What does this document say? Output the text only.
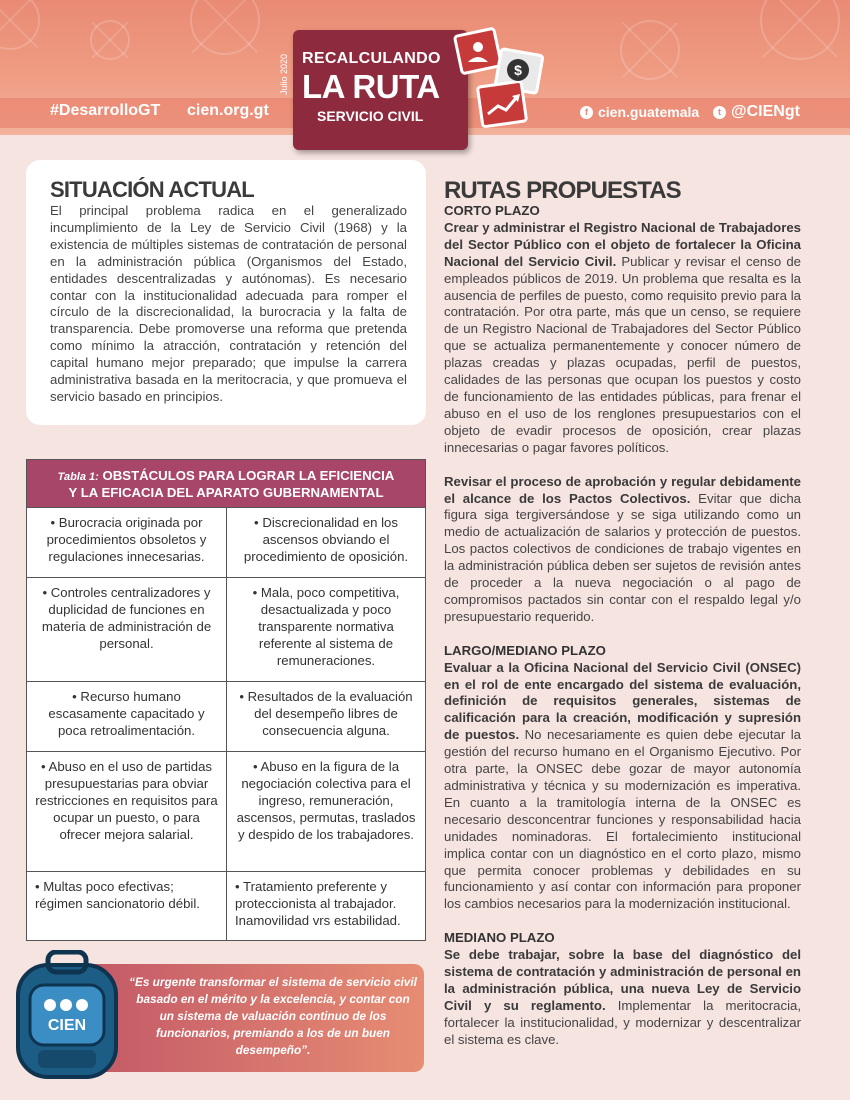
#DesarrolloGT cien.org.gt	f cien.guatemala	t @CIENgt
Julio 2020 RECALCULANDO
LA RUTA
SERVICIO CIVIL
$
SITUACIÓN ACTUAL
El principal problema radica en el generalizado incumplimiento de la Ley de Servicio Civil (1968) y la existencia de múltiples sistemas de contratación de personal en la administración pública (Organismos del Estado, entidades descentralizadas y autónomas). Es necesario contar con la institucionalidad adecuada para romper el círculo de la discrecionalidad, la burocracia y la falta de transparencia. Debe promoverse una reforma que pretenda como mínimo la atracción, contratación y retención del capital humano mejor preparado; que impulse la carrera administrativa basada en la meritocracia, y que promueva el servicio basado en principios.
Tabla 1: OBSTÁCULOS PARA LOGRAR LA EFICIENCIA
Y LA EFICACIA DEL APARATO GUBERNAMENTAL
• Burocracia originada por procedimientos obsoletos y regulaciones innecesarias.
• Discrecionalidad en los ascensos obviando el procedimiento de oposición.
• Controles centralizadores y duplicidad de funciones en materia de administración de personal.
• Mala, poco competitiva, desactualizada y poco transparente normativa referente al sistema de remuneraciones.
• Recurso humano escasamente capacitado y poca retroalimentación.
• Resultados de la evaluación del desempeño libres de consecuencia alguna.
• Abuso en el uso de partidas presupuestarias para obviar restricciones en requisitos para ocupar un puesto, o para ofrecer mejora salarial.
• Abuso en la figura de la negociación colectiva para el ingreso, remuneración, ascensos, permutas, traslados y despido de los trabajadores.
• Multas poco efectivas; régimen sancionatorio débil.
• Tratamiento preferente y proteccionista al trabajador. Inamovilidad vrs estabilidad.
“Es urgente transformar el sistema de servicio civil basado en el mérito y la excelencia, y contar con un sistema de valuación continuo de los funcionarios, premiando a los de un buen desempeño”.
CIEN
RUTAS PROPUESTAS
CORTO PLAZO
Crear y administrar el Registro Nacional de Trabajadores del Sector Público con el objeto de fortalecer la Oficina Nacional del Servicio Civil. Publicar y revisar el censo de empleados públicos de 2019. Un problema que resalta es la ausencia de perfiles de puesto, como requisito previo para la contratación. Por otra parte, más que un censo, se requiere de un Registro Nacional de Trabajadores del Sector Público que se actualiza permanentemente y conocer número de plazas creadas y plazas ocupadas, perfil de puestos, calidades de las personas que ocupan los puestos y costo de funcionamiento de las entidades públicas, para frenar el abuso en el uso de los renglones presupuestarios con el objeto de evadir procesos de oposición, crear plazas innecesarias o pagar favores políticos.
Revisar el proceso de aprobación y regular debidamente el alcance de los Pactos Colectivos. Evitar que dicha figura siga tergiversándose y se siga utilizando como un medio de actualización de salarios y protección de puestos. Los pactos colectivos de condiciones de trabajo vigentes en la administración pública deben ser sujetos de revisión antes de proceder a la nueva negociación o al pago de compromisos pactados sin contar con el respaldo legal y/o presupuestario requerido.
LARGO/MEDIANO PLAZO
Evaluar a la Oficina Nacional del Servicio Civil (ONSEC) en el rol de ente encargado del sistema de evaluación, definición de requisitos generales, sistemas de calificación para la creación, modificación y supresión de puestos. No necesariamente es quien debe ejecutar la gestión del recurso humano en el Organismo Ejecutivo. Por otra parte, la ONSEC debe gozar de mayor autonomía administrativa y técnica y su modernización es imperativa. En cuanto a la tramitología interna de la ONSEC es necesario desconcentrar funciones y responsabilidad hacia unidades nominadoras. El fortalecimiento institucional implica contar con un diagnóstico en el corto plazo, mismo que permita conocer problemas y debilidades en su funcionamiento y así contar con información para proponer los cambios necesarios para la modernización institucional.
MEDIANO PLAZO
Se debe trabajar, sobre la base del diagnóstico del sistema de contratación y administración de personal en la administración pública, una nueva Ley de Servicio Civil y su reglamento. Implementar la meritocracia, fortalecer la institucionalidad, y modernizar y descentralizar el sistema es clave.
